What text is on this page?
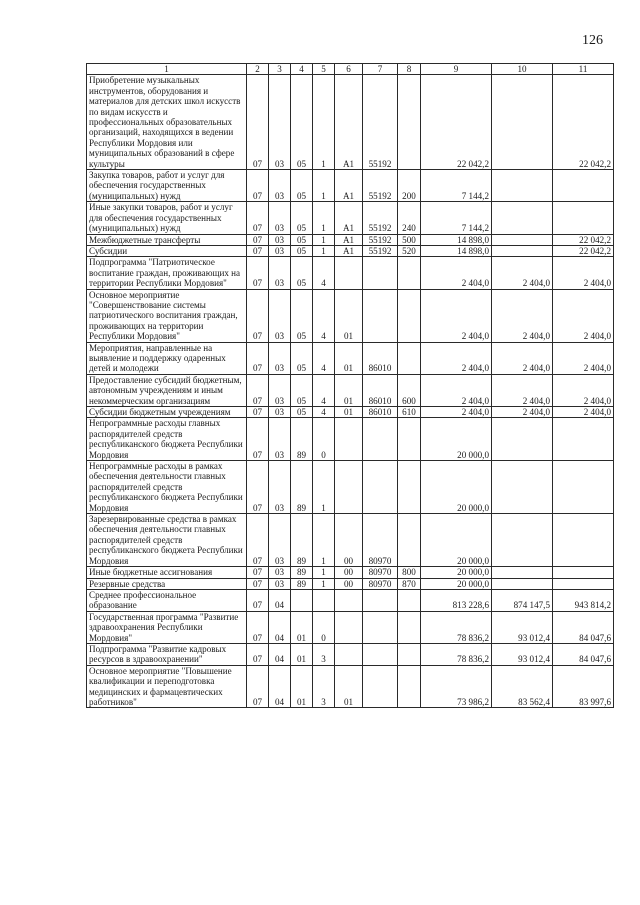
126
1	2	3	4	5	6	7	8	9	10	11
Приобретение музыкальных инструментов, оборудования и материалов для детских школ искусств по видам искусств и профессиональных образовательных организаций, находящихся в ведении Республики Мордовия или муниципальных образований в сфере культуры	07	03	05	1	А1	55192		22 042,2		22 042,2
Закупка товаров, работ и услуг для обеспечения государственных (муниципальных) нужд	07	03	05	1	А1	55192	200	7 144,2		
Иные закупки товаров, работ и услуг для обеспечения государственных (муниципальных) нужд	07	03	05	1	А1	55192	240	7 144,2		
Межбюджетные трансферты	07	03	05	1	А1	55192	500	14 898,0		22 042,2
Субсидии	07	03	05	1	А1	55192	520	14 898,0		22 042,2
Подпрограмма "Патриотическое воспитание граждан, проживающих на территории Республики Мордовия"	07	03	05	4				2 404,0	2 404,0	2 404,0
Основное мероприятие "Совершенствование системы патриотического воспитания граждан, проживающих на территории Республики Мордовия"	07	03	05	4	01			2 404,0	2 404,0	2 404,0
Мероприятия, направленные на выявление и поддержку одаренных детей и молодежи	07	03	05	4	01	86010		2 404,0	2 404,0	2 404,0
Предоставление субсидий бюджетным, автономным учреждениям и иным некоммерческим организациям	07	03	05	4	01	86010	600	2 404,0	2 404,0	2 404,0
Субсидии бюджетным учреждениям	07	03	05	4	01	86010	610	2 404,0	2 404,0	2 404,0
Непрограммные расходы главных распорядителей средств республиканского бюджета Республики Мордовия	07	03	89	0				20 000,0		
Непрограммные расходы в рамках обеспечения деятельности главных распорядителей средств республиканского бюджета Республики Мордовия	07	03	89	1				20 000,0		
Зарезервированные средства в рамках обеспечения деятельности главных распорядителей средств республиканского бюджета Республики Мордовия	07	03	89	1	00	80970		20 000,0		
Иные бюджетные ассигнования	07	03	89	1	00	80970	800	20 000,0		
Резервные средства	07	03	89	1	00	80970	870	20 000,0		
Среднее профессиональное образование	07	04						813 228,6	874 147,5	943 814,2
Государственная программа "Развитие здравоохранения Республики Мордовия"	07	04	01	0				78 836,2	93 012,4	84 047,6
Подпрограмма "Развитие кадровых ресурсов в здравоохранении"	07	04	01	3				78 836,2	93 012,4	84 047,6
Основное мероприятие "Повышение квалификации и переподготовка медицинских и фармацевтических работников"	07	04	01	3	01			73 986,2	83 562,4	83 997,6
